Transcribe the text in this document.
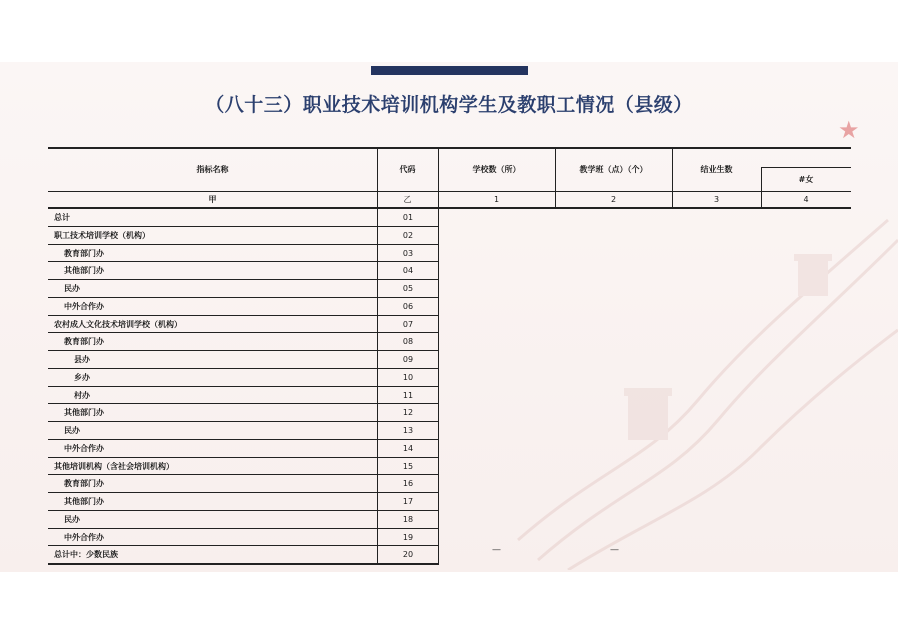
（八十三）职业技术培训机构学生及教职工情况（县级）
★
指标名称	代码	学校数（所）	教学班（点）（个）	结业生数
#女
甲	乙	1	2	3	4
总计	01
职工技术培训学校（机构）	02
教育部门办	03
其他部门办	04
民办	05
中外合作办	06
农村成人文化技术培训学校（机构）	07
教育部门办	08
县办	09
乡办	10
村办	11
其他部门办	12
民办	13
中外合作办	14
其他培训机构（含社会培训机构）	15
教育部门办	16
其他部门办	17
民办	18
中外合作办	19
总计中：少数民族	20	—	—
